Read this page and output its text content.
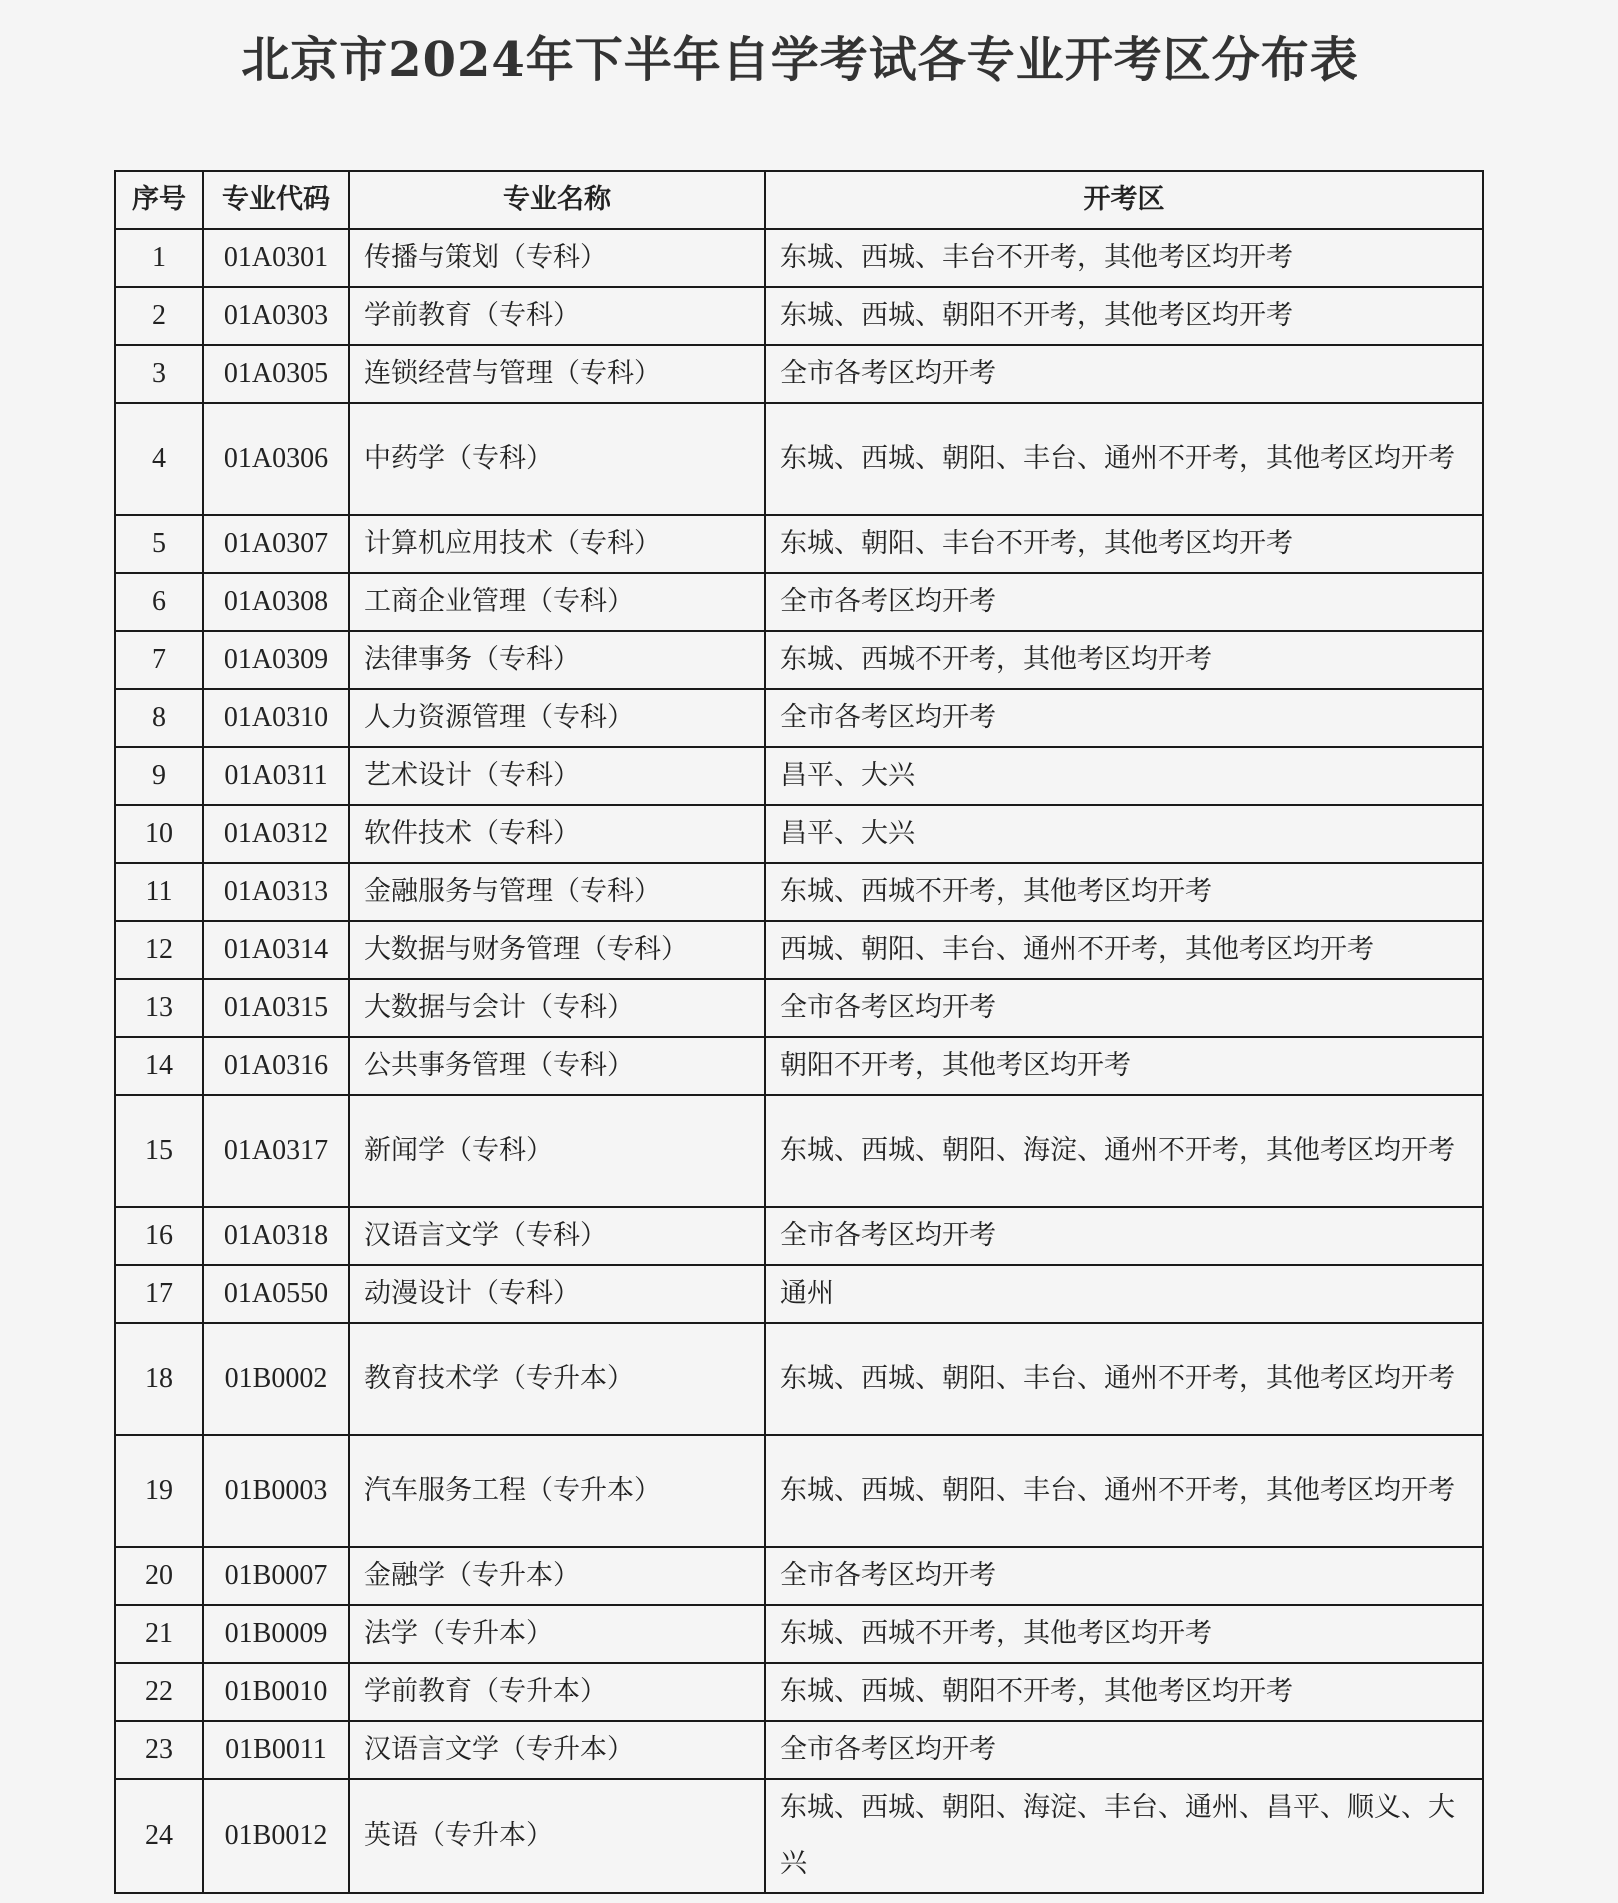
北京市2024年下半年自学考试各专业开考区分布表
序号	专业代码	专业名称	开考区
1	01A0301	传播与策划（专科）	东城、西城、丰台不开考，其他考区均开考
2	01A0303	学前教育（专科）	东城、西城、朝阳不开考，其他考区均开考
3	01A0305	连锁经营与管理（专科）	全市各考区均开考
4	01A0306	中药学（专科）	东城、西城、朝阳、丰台、通州不开考，其他考区均开考
5	01A0307	计算机应用技术（专科）	东城、朝阳、丰台不开考，其他考区均开考
6	01A0308	工商企业管理（专科）	全市各考区均开考
7	01A0309	法律事务（专科）	东城、西城不开考，其他考区均开考
8	01A0310	人力资源管理（专科）	全市各考区均开考
9	01A0311	艺术设计（专科）	昌平、大兴
10	01A0312	软件技术（专科）	昌平、大兴
11	01A0313	金融服务与管理（专科）	东城、西城不开考，其他考区均开考
12	01A0314	大数据与财务管理（专科）	西城、朝阳、丰台、通州不开考，其他考区均开考
13	01A0315	大数据与会计（专科）	全市各考区均开考
14	01A0316	公共事务管理（专科）	朝阳不开考，其他考区均开考
15	01A0317	新闻学（专科）	东城、西城、朝阳、海淀、通州不开考，其他考区均开考
16	01A0318	汉语言文学（专科）	全市各考区均开考
17	01A0550	动漫设计（专科）	通州
18	01B0002	教育技术学（专升本）	东城、西城、朝阳、丰台、通州不开考，其他考区均开考
19	01B0003	汽车服务工程（专升本）	东城、西城、朝阳、丰台、通州不开考，其他考区均开考
20	01B0007	金融学（专升本）	全市各考区均开考
21	01B0009	法学（专升本）	东城、西城不开考，其他考区均开考
22	01B0010	学前教育（专升本）	东城、西城、朝阳不开考，其他考区均开考
23	01B0011	汉语言文学（专升本）	全市各考区均开考
24	01B0012	英语（专升本）	东城、西城、朝阳、海淀、丰台、通州、昌平、顺义、大兴
